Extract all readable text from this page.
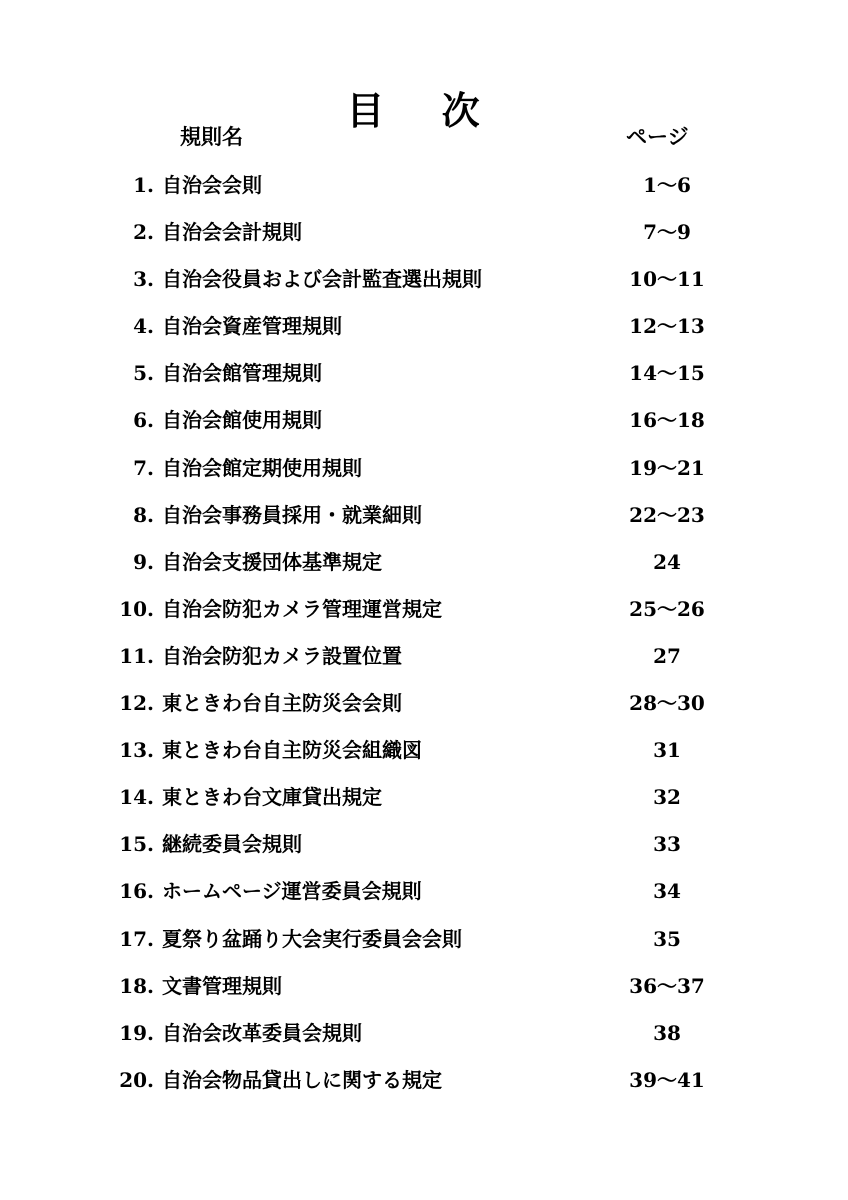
目 次
規則名	ページ
1. 自治会会則	1～6
2. 自治会会計規則	7～9
3. 自治会役員および会計監査選出規則	10～11
4. 自治会資産管理規則	12～13
5. 自治会館管理規則	14～15
6. 自治会館使用規則	16～18
7. 自治会館定期使用規則	19～21
8. 自治会事務員採用・就業細則	22～23
9. 自治会支援団体基準規定	24
10. 自治会防犯カメラ管理運営規定	25～26
11. 自治会防犯カメラ設置位置	27
12. 東ときわ台自主防災会会則	28～30
13. 東ときわ台自主防災会組織図	31
14. 東ときわ台文庫貸出規定	32
15. 継続委員会規則	33
16. ホームページ運営委員会規則	34
17. 夏祭り盆踊り大会実行委員会会則	35
18. 文書管理規則	36～37
19. 自治会改革委員会規則	38
20. 自治会物品貸出しに関する規定	39～41
